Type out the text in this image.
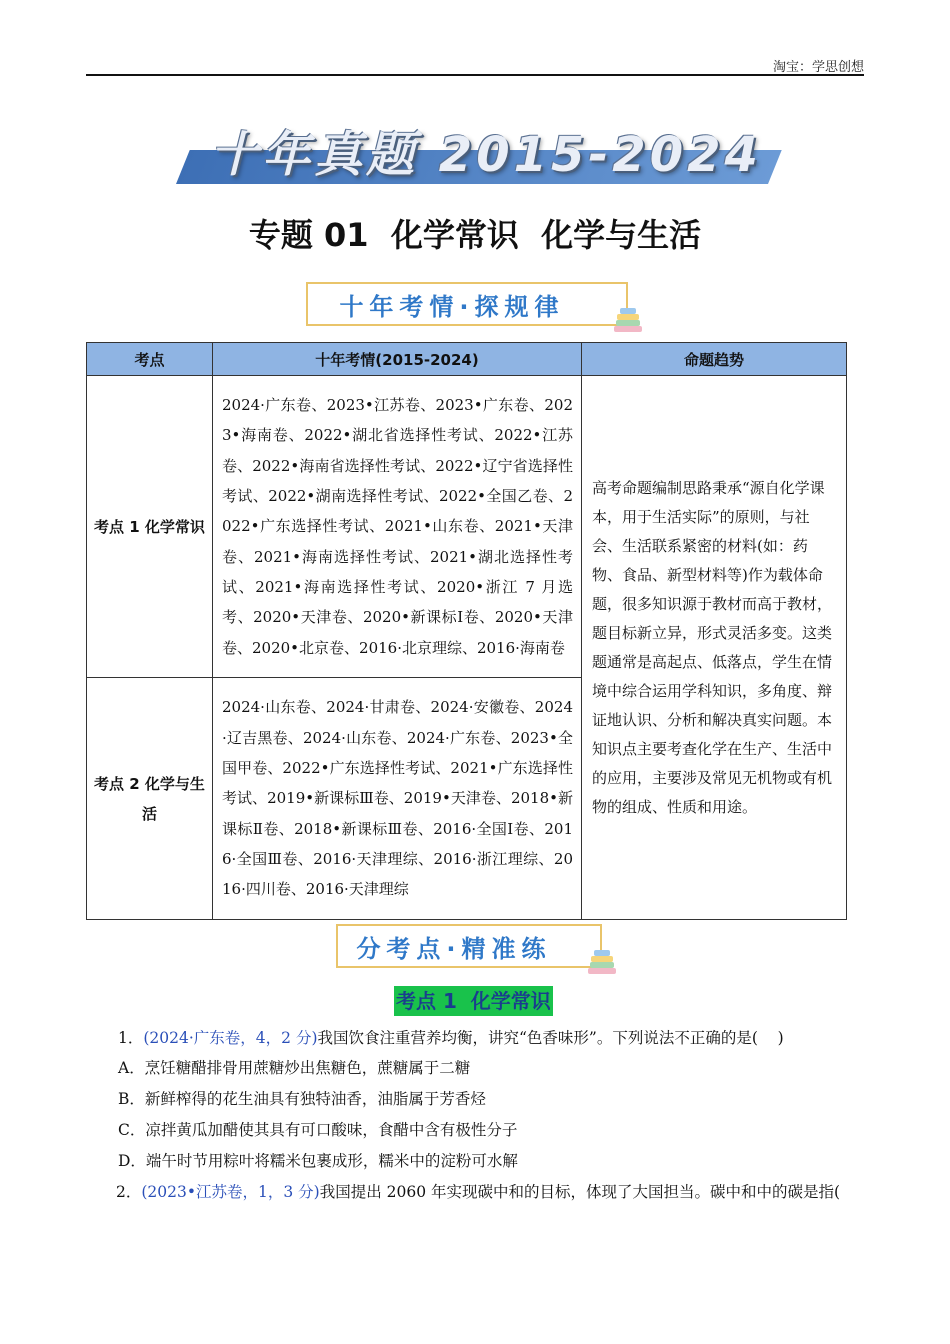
淘宝：学思创想
十年真题 2015-2024
专题 01  化学常识  化学与生活
十年考情·探规律
考点	十年考情(2015-2024)	命题趋势
考点 1 化学常识	2024·广东卷、2023•江苏卷、2023•广东卷、2023•海南卷、2022•湖北省选择性考试、2022•江苏卷、2022•海南省选择性考试、2022•辽宁省选择性考试、2022•湖南选择性考试、2022•全国乙卷、2022•广东选择性考试、2021•山东卷、2021•天津卷、2021•海南选择性考试、2021•湖北选择性考试、2021•海南选择性考试、2020•浙江 7 月选考、2020•天津卷、2020•新课标Ⅰ卷、2020•天津卷、2020•北京卷、2016·北京理综、2016·海南卷	高考命题编制思路秉承“源自化学课本，用于生活实际”的原则，与社会、生活联系紧密的材料(如：药物、食品、新型材料等)作为载体命题，很多知识源于教材而高于教材，题目标新立异，形式灵活多变。这类题通常是高起点、低落点，学生在情境中综合运用学科知识，多角度、辩证地认识、分析和解决真实问题。本知识点主要考查化学在生产、生活中的应用，主要涉及常见无机物或有机物的组成、性质和用途。
考点 2 化学与生活	2024·山东卷、2024·甘肃卷、2024·安徽卷、2024·辽吉黑卷、2024·山东卷、2024·广东卷、2023•全国甲卷、2022•广东选择性考试、2021•广东选择性考试、2019•新课标Ⅲ卷、2019•天津卷、2018•新课标Ⅱ卷、2018•新课标Ⅲ卷、2016·全国Ⅰ卷、2016·全国Ⅲ卷、2016·天津理综、2016·浙江理综、2016·四川卷、2016·天津理综	
分考点·精准练
考点 1  化学常识
1．(2024·广东卷，4，2 分)我国饮食注重营养均衡，讲究“色香味形”。下列说法不正确的是(    )
A．烹饪糖醋排骨用蔗糖炒出焦糖色，蔗糖属于二糖
B．新鲜榨得的花生油具有独特油香，油脂属于芳香烃
C．凉拌黄瓜加醋使其具有可口酸味，食醋中含有极性分子
D．端午时节用粽叶将糯米包裹成形，糯米中的淀粉可水解
2．(2023•江苏卷，1，3 分)我国提出 2060 年实现碳中和的目标，体现了大国担当。碳中和中的碳是指(
